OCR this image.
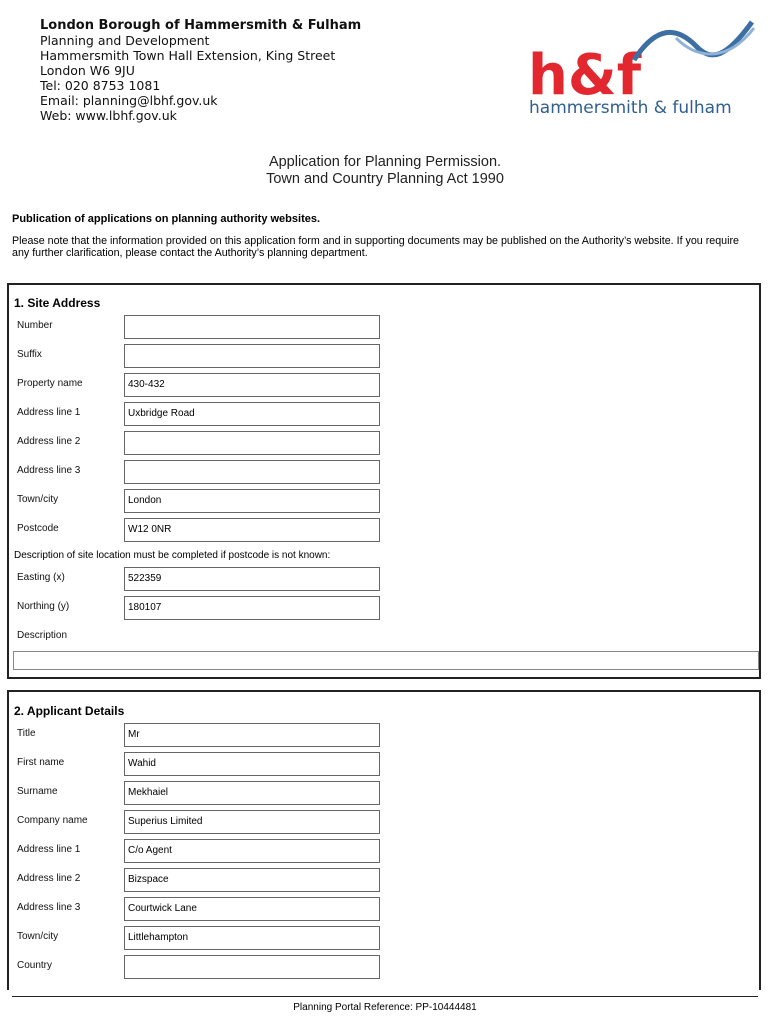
London Borough of Hammersmith & Fulham
Planning and Development
Hammersmith Town Hall Extension, King Street
London W6 9JU
Tel: 020 8753 1081
Email: planning@lbhf.gov.uk
Web: www.lbhf.gov.uk
h&f
hammersmith & fulham
Application for Planning Permission.
Town and Country Planning Act 1990
Publication of applications on planning authority websites.
Please note that the information provided on this application form and in supporting documents may be published on the Authority’s website. If you require any further clarification, please contact the Authority’s planning department.
1. Site Address
Number
Suffix
Property name	430-432
Address line 1	Uxbridge Road
Address line 2
Address line 3
Town/city	London
Postcode	W12 0NR
Description of site location must be completed if postcode is not known:
Easting (x)	522359
Northing (y)	180107
Description
2. Applicant Details
Title	Mr
First name	Wahid
Surname	Mekhaiel
Company name	Superius Limited
Address line 1	C/o Agent
Address line 2	Bizspace
Address line 3	Courtwick Lane
Town/city	Littlehampton
Country
Planning Portal Reference: PP-10444481
